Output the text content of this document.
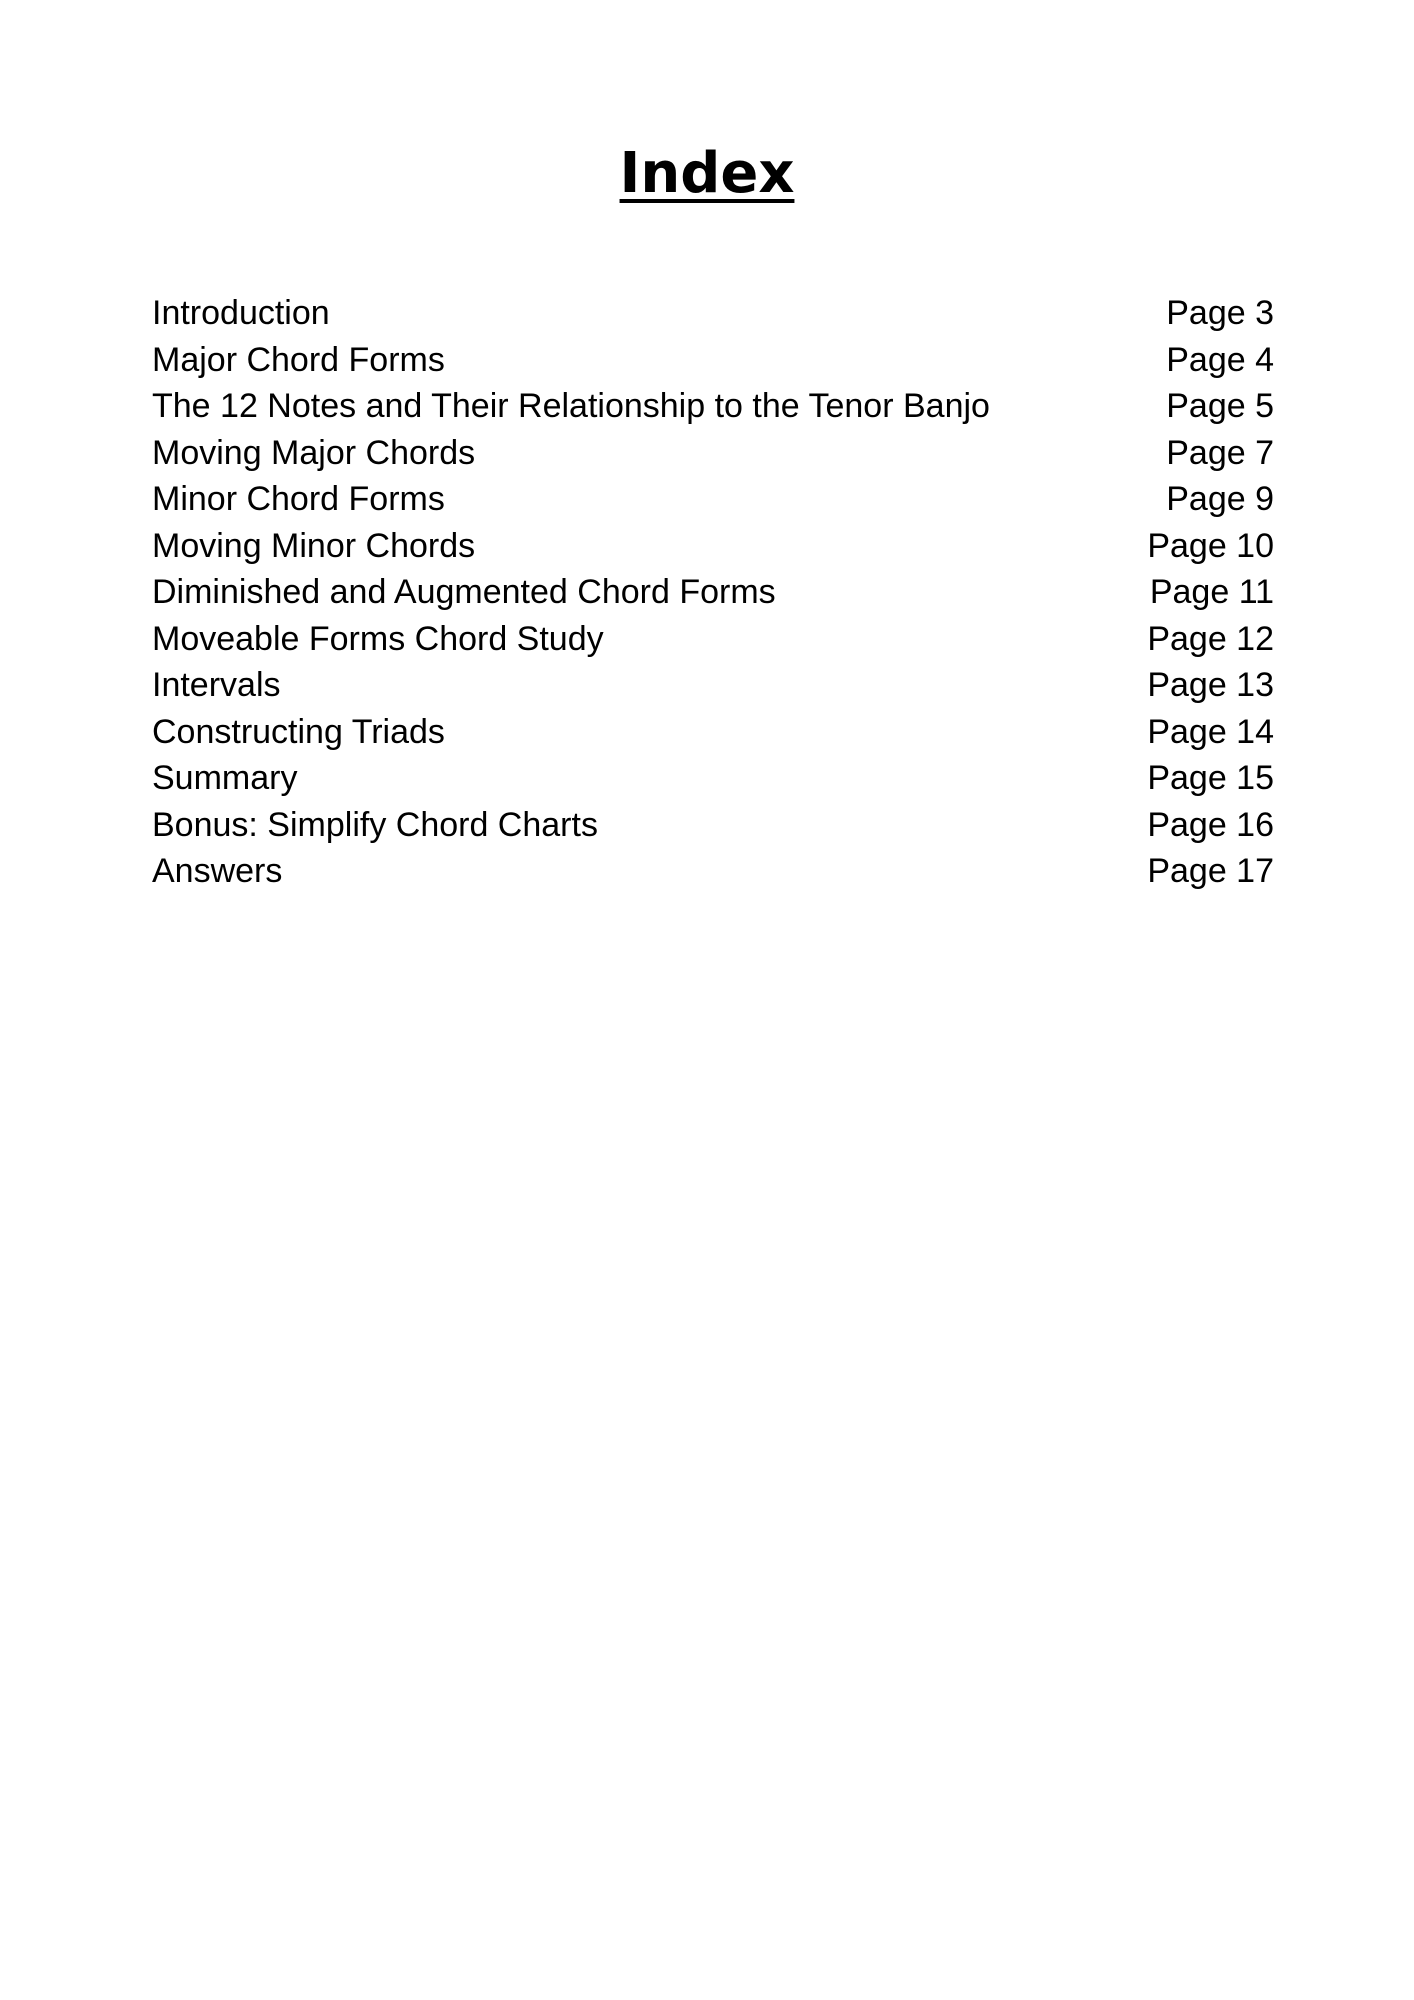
Index
Introduction	Page 3
Major Chord Forms	Page 4
The 12 Notes and Their Relationship to the Tenor Banjo	Page 5
Moving Major Chords	Page 7
Minor Chord Forms	Page 9
Moving Minor Chords	Page 10
Diminished and Augmented Chord Forms	Page 11
Moveable Forms Chord Study	Page 12
Intervals	Page 13
Constructing Triads	Page 14
Summary	Page 15
Bonus: Simplify Chord Charts	Page 16
Answers	Page 17
